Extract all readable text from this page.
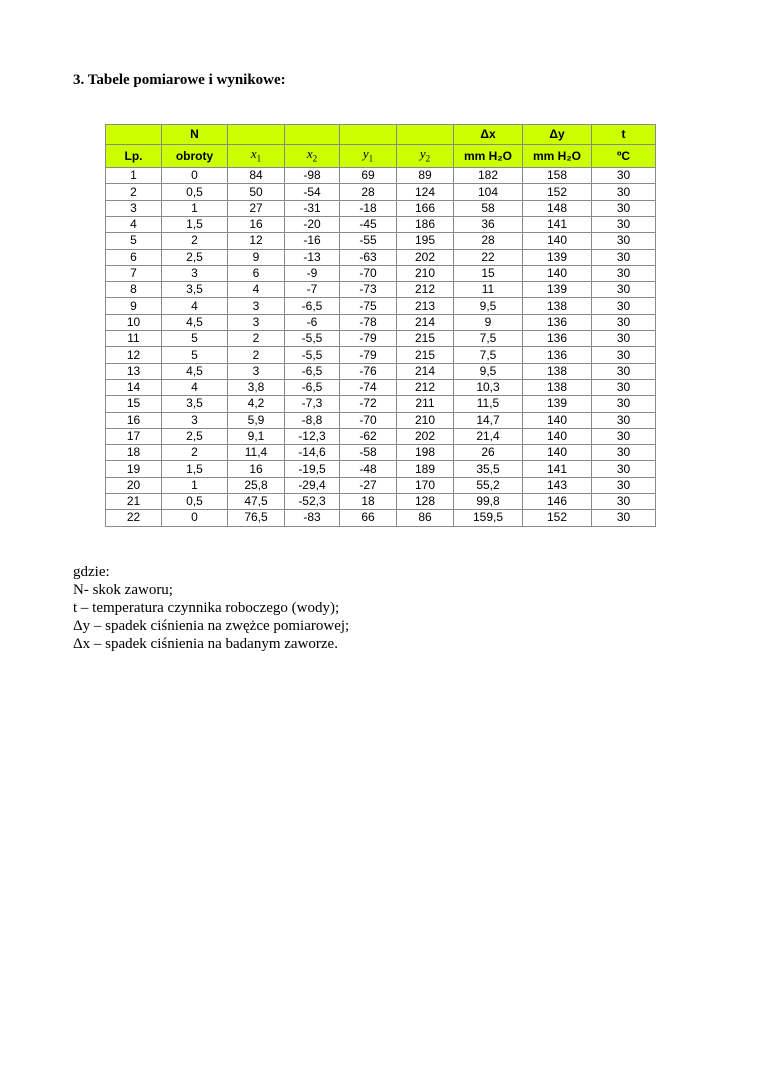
3. Tabele pomiarowe i wynikowe:
	N					Δx	Δy	t
Lp.	obroty	$x_1$	$x_2$	$y_1$	$y_2$	mm H₂O	mm H₂O	ºC
1	0	84	-98	69	89	182	158	30
2	0,5	50	-54	28	124	104	152	30
3	1	27	-31	-18	166	58	148	30
4	1,5	16	-20	-45	186	36	141	30
5	2	12	-16	-55	195	28	140	30
6	2,5	9	-13	-63	202	22	139	30
7	3	6	-9	-70	210	15	140	30
8	3,5	4	-7	-73	212	11	139	30
9	4	3	-6,5	-75	213	9,5	138	30
10	4,5	3	-6	-78	214	9	136	30
11	5	2	-5,5	-79	215	7,5	136	30
12	5	2	-5,5	-79	215	7,5	136	30
13	4,5	3	-6,5	-76	214	9,5	138	30
14	4	3,8	-6,5	-74	212	10,3	138	30
15	3,5	4,2	-7,3	-72	211	11,5	139	30
16	3	5,9	-8,8	-70	210	14,7	140	30
17	2,5	9,1	-12,3	-62	202	21,4	140	30
18	2	11,4	-14,6	-58	198	26	140	30
19	1,5	16	-19,5	-48	189	35,5	141	30
20	1	25,8	-29,4	-27	170	55,2	143	30
21	0,5	47,5	-52,3	18	128	99,8	146	30
22	0	76,5	-83	66	86	159,5	152	30
gdzie:
N- skok zaworu;
t – temperatura czynnika roboczego (wody);
Δy – spadek ciśnienia na zwężce pomiarowej;
Δx – spadek ciśnienia na badanym zaworze.
